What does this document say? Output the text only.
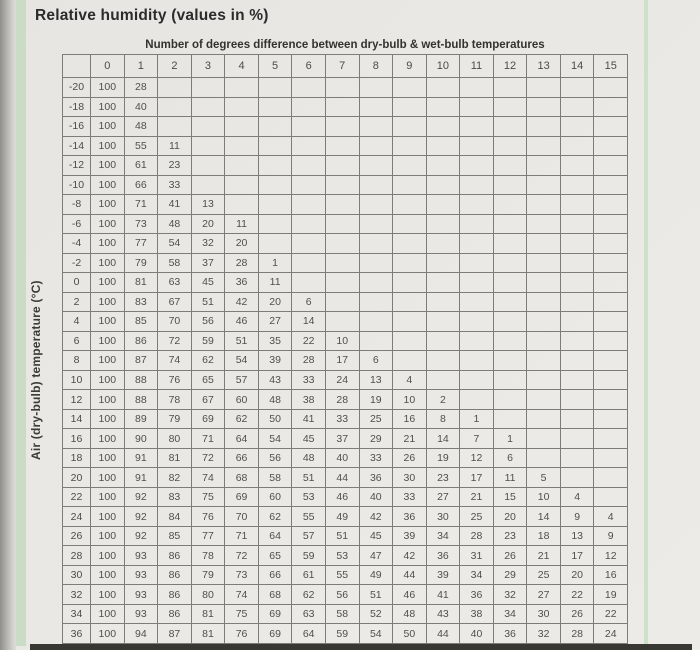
Relative humidity (values in %)
Number of degrees difference between dry-bulb & wet-bulb temperatures
Air (dry-bulb) temperature (°C)
	0	1	2	3	4	5	6	7	8	9	10	11	12	13	14	15
-20	100	28														
-18	100	40														
-16	100	48														
-14	100	55	11													
-12	100	61	23													
-10	100	66	33													
-8	100	71	41	13												
-6	100	73	48	20	11											
-4	100	77	54	32	20											
-2	100	79	58	37	28	1										
0	100	81	63	45	36	11										
2	100	83	67	51	42	20	6									
4	100	85	70	56	46	27	14									
6	100	86	72	59	51	35	22	10								
8	100	87	74	62	54	39	28	17	6							
10	100	88	76	65	57	43	33	24	13	4						
12	100	88	78	67	60	48	38	28	19	10	2					
14	100	89	79	69	62	50	41	33	25	16	8	1				
16	100	90	80	71	64	54	45	37	29	21	14	7	1			
18	100	91	81	72	66	56	48	40	33	26	19	12	6			
20	100	91	82	74	68	58	51	44	36	30	23	17	11	5		
22	100	92	83	75	69	60	53	46	40	33	27	21	15	10	4	
24	100	92	84	76	70	62	55	49	42	36	30	25	20	14	9	4
26	100	92	85	77	71	64	57	51	45	39	34	28	23	18	13	9
28	100	93	86	78	72	65	59	53	47	42	36	31	26	21	17	12
30	100	93	86	79	73	66	61	55	49	44	39	34	29	25	20	16
32	100	93	86	80	74	68	62	56	51	46	41	36	32	27	22	19
34	100	93	86	81	75	69	63	58	52	48	43	38	34	30	26	22
36	100	94	87	81	76	69	64	59	54	50	44	40	36	32	28	24
